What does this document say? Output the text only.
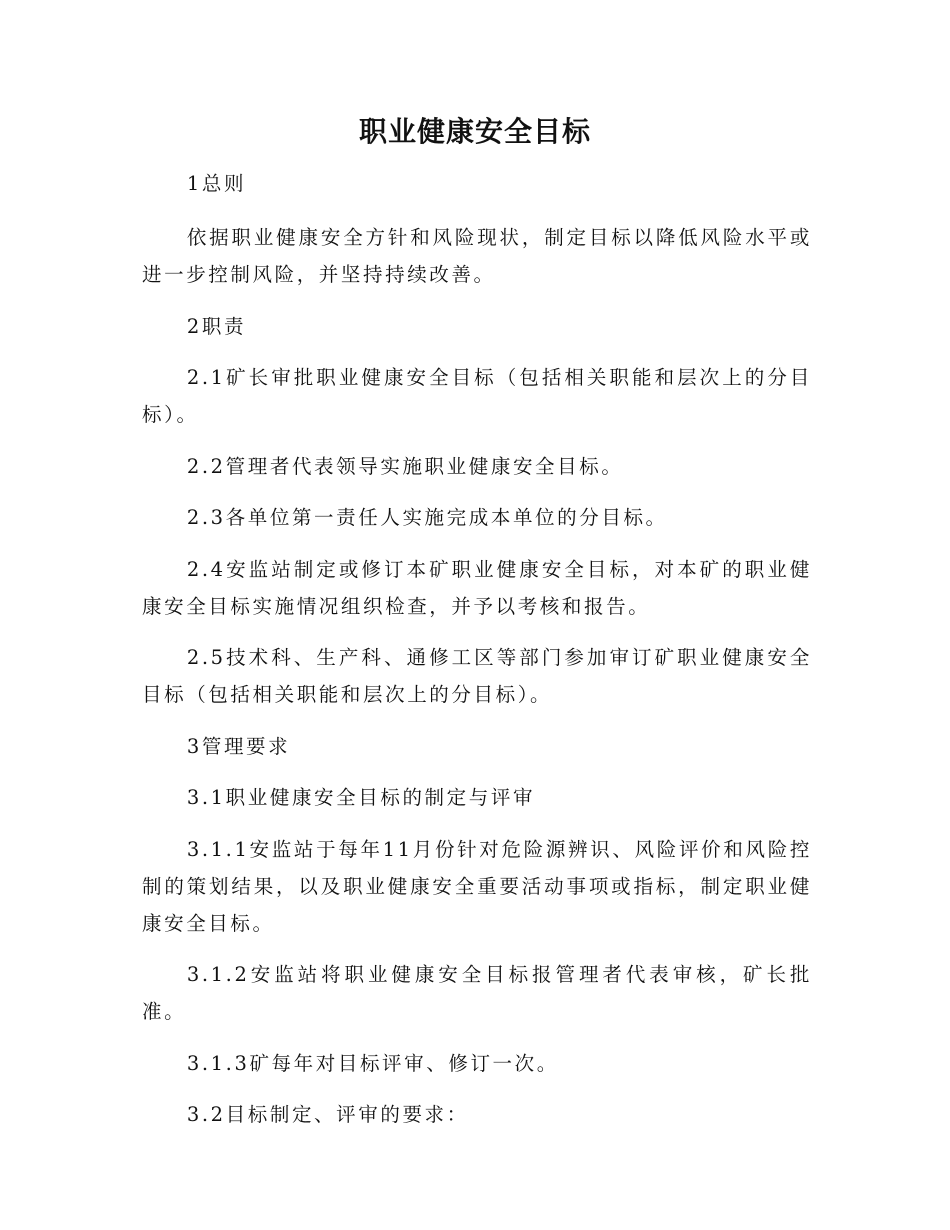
职业健康安全目标

1总则

依据职业健康安全方针和风险现状，制定目标以降低风险水平或进一步控制风险，并坚持持续改善。

2职责

2.1矿长审批职业健康安全目标（包括相关职能和层次上的分目标）。

2.2管理者代表领导实施职业健康安全目标。

2.3各单位第一责任人实施完成本单位的分目标。

2.4安监站制定或修订本矿职业健康安全目标，对本矿的职业健康安全目标实施情况组织检查，并予以考核和报告。

2.5技术科、生产科、通修工区等部门参加审订矿职业健康安全目标（包括相关职能和层次上的分目标）。

3管理要求

3.1职业健康安全目标的制定与评审

3.1.1安监站于每年11月份针对危险源辨识、风险评价和风险控制的策划结果，以及职业健康安全重要活动事项或指标，制定职业健康安全目标。

3.1.2安监站将职业健康安全目标报管理者代表审核，矿长批准。

3.1.3矿每年对目标评审、修订一次。

3.2目标制定、评审的要求：
